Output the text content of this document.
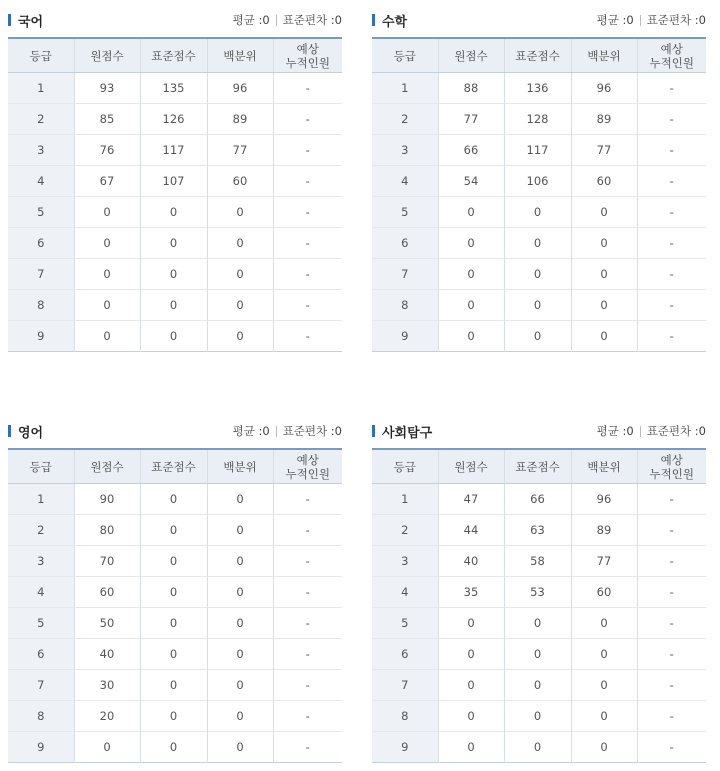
국어	평균 : 0 표준편차 : 0
등급	원점수	표준점수	백분위	예상
누적인원
1	93	135	96	-
2	85	126	89	-
3	76	117	77	-
4	67	107	60	-
5	0	0	0	-
6	0	0	0	-
7	0	0	0	-
8	0	0	0	-
9	0	0	0	-
수학	평균 : 0 표준편차 : 0
등급	원점수	표준점수	백분위	예상
누적인원
1	88	136	96	-
2	77	128	89	-
3	66	117	77	-
4	54	106	60	-
5	0	0	0	-
6	0	0	0	-
7	0	0	0	-
8	0	0	0	-
9	0	0	0	-
영어	평균 : 0 표준편차 : 0
등급	원점수	표준점수	백분위	예상
누적인원
1	90	0	0	-
2	80	0	0	-
3	70	0	0	-
4	60	0	0	-
5	50	0	0	-
6	40	0	0	-
7	30	0	0	-
8	20	0	0	-
9	0	0	0	-
사회탐구	평균 : 0 표준편차 : 0
등급	원점수	표준점수	백분위	예상
누적인원
1	47	66	96	-
2	44	63	89	-
3	40	58	77	-
4	35	53	60	-
5	0	0	0	-
6	0	0	0	-
7	0	0	0	-
8	0	0	0	-
9	0	0	0	-
